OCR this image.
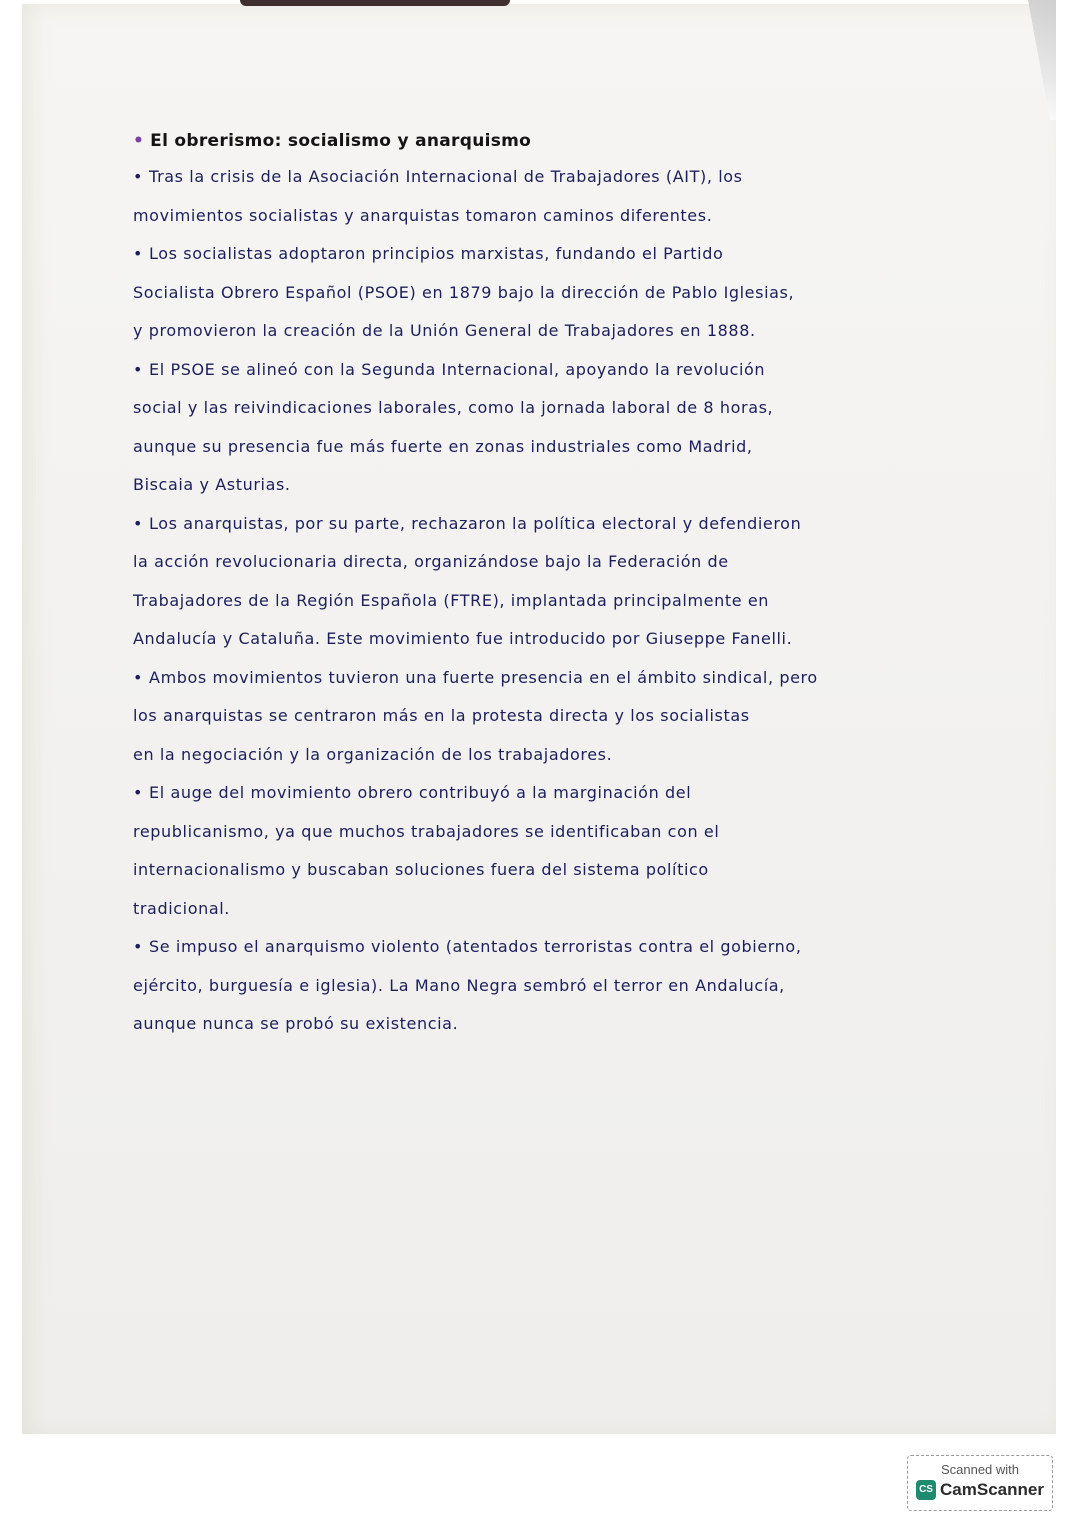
• El obrerismo: socialismo y anarquismo
• Tras la crisis de la Asociación Internacional de Trabajadores (AIT), los
movimientos socialistas y anarquistas tomaron caminos diferentes.
• Los socialistas adoptaron principios marxistas, fundando el Partido
Socialista Obrero Español (PSOE) en 1879 bajo la dirección de Pablo Iglesias,
y promovieron la creación de la Unión General de Trabajadores en 1888.
• El PSOE se alineó con la Segunda Internacional, apoyando la revolución
social y las reivindicaciones laborales, como la jornada laboral de 8 horas,
aunque su presencia fue más fuerte en zonas industriales como Madrid,
Biscaia y Asturias.
• Los anarquistas, por su parte, rechazaron la política electoral y defendieron
la acción revolucionaria directa, organizándose bajo la Federación de
Trabajadores de la Región Española (FTRE), implantada principalmente en
Andalucía y Cataluña. Este movimiento fue introducido por Giuseppe Fanelli.
• Ambos movimientos tuvieron una fuerte presencia en el ámbito sindical, pero
los anarquistas se centraron más en la protesta directa y los socialistas
en la negociación y la organización de los trabajadores.
• El auge del movimiento obrero contribuyó a la marginación del
republicanismo, ya que muchos trabajadores se identificaban con el
internacionalismo y buscaban soluciones fuera del sistema político
tradicional.
• Se impuso el anarquismo violento (atentados terroristas contra el gobierno,
ejército, burguesía e iglesia). La Mano Negra sembró el terror en Andalucía,
aunque nunca se probó su existencia.
Scanned with
CS CamScanner
